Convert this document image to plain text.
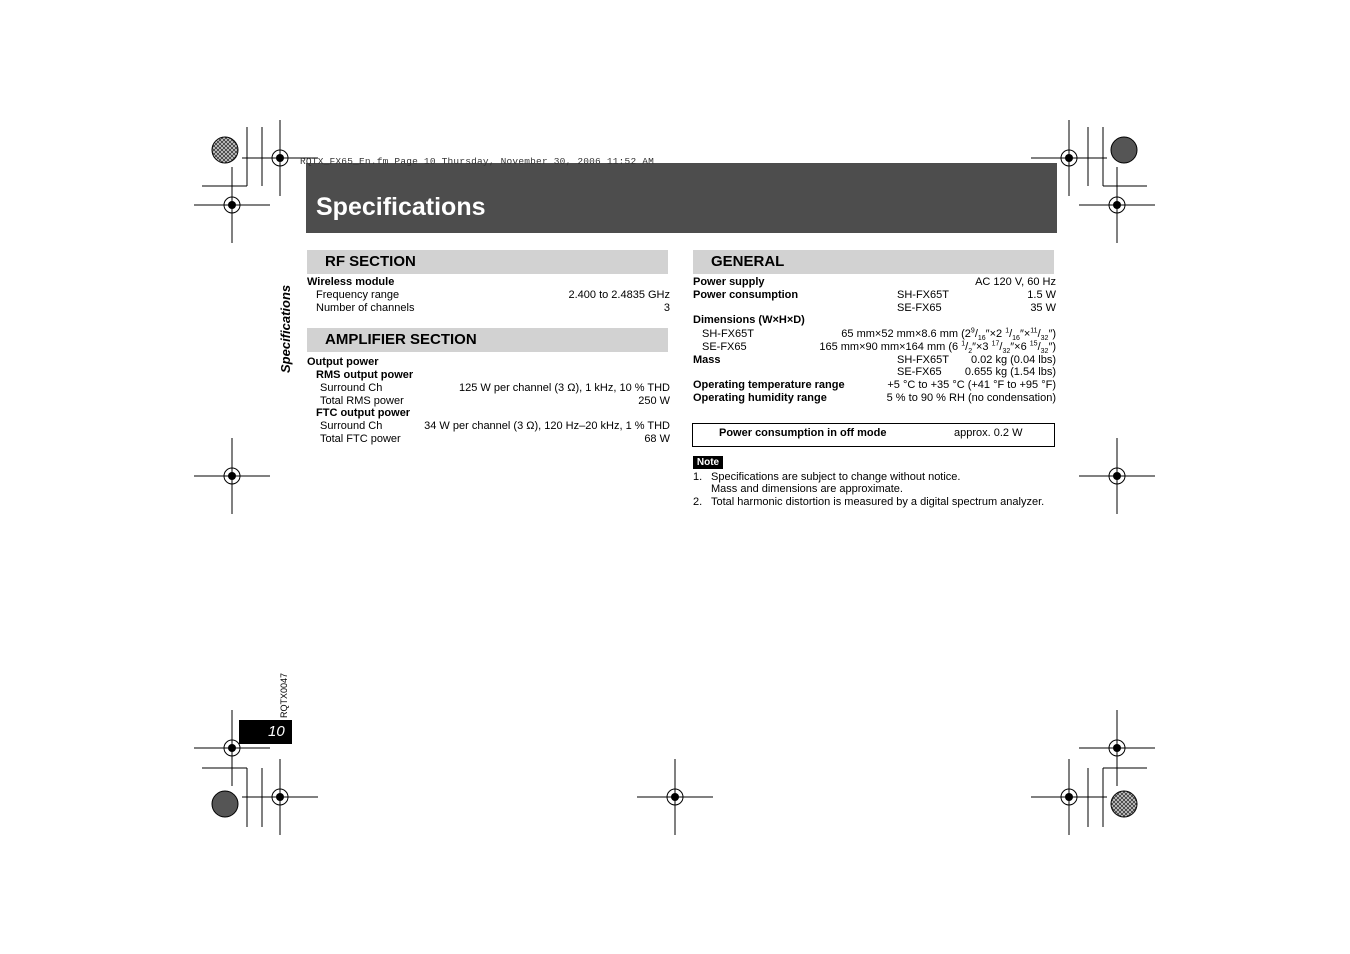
RQTX_FX65_En.fm Page 10 Thursday, November 30, 2006 11:52 AM
Specifications
Specifications
RQTX0047
10
RF SECTION
Wireless module
Frequency range	2.400 to 2.4835 GHz
Number of channels	3
AMPLIFIER SECTION
Output power
RMS output power
Surround Ch	125 W per channel (3 Ω), 1 kHz, 10 % THD
Total RMS power	250 W
FTC output power
Surround Ch	34 W per channel (3 Ω), 120 Hz–20 kHz, 1 % THD
Total FTC power	68 W
GENERAL
Power supply	AC 120 V, 60 Hz
Power consumption	SH-FX65T	1.5 W
SE-FX65	35 W
Dimensions (W×H×D)
SH-FX65T	65 mm×52 mm×8.6 mm ($2^9/_{16}''\times 2$ $^1/_{16}''\times^{11}/_{32}''$)
SE-FX65	165 mm×90 mm×164 mm (6 $^1/_2''\times 3$ $^{17}/_{32}''\times 6$ $^{15}/_{32}''$)
Mass	SH-FX65T 0.02 kg (0.04 lbs)
SE-FX65 0.655 kg (1.54 lbs)
Operating temperature range	+5 °C to +35 °C (+41 °F to +95 °F)
Operating humidity range	5 % to 90 % RH (no condensation)
Power consumption in off mode	approx. 0.2 W
Note
1. Specifications are subject to change without notice.
Mass and dimensions are approximate.
2. Total harmonic distortion is measured by a digital spectrum analyzer.
